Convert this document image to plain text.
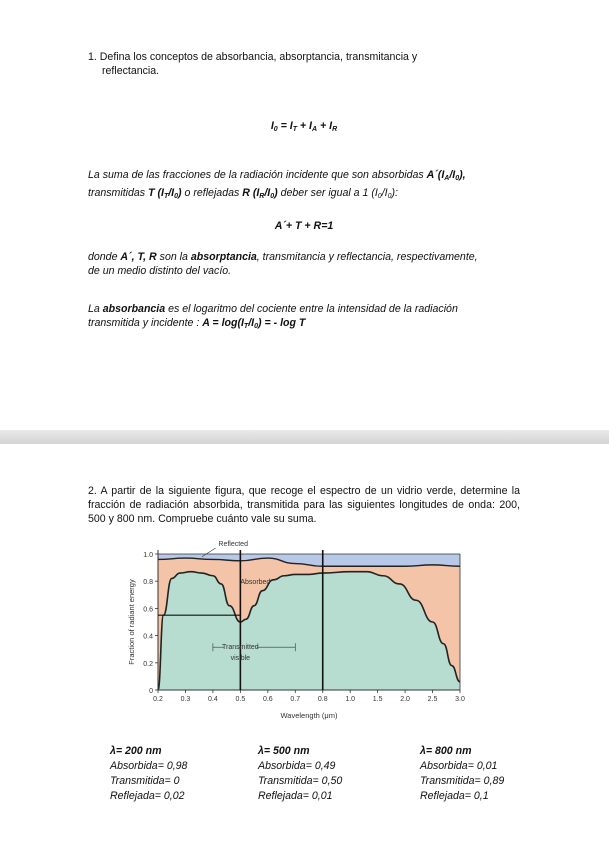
1. Defina los conceptos de absorbancia, absorptancia, transmitancia y
reflectancia.
$I_0 = I_T + I_A + I_R$
La suma de las fracciones de la radiación incidente que son absorbidas $A´(I_A/I_0)$,
transmitidas T $(I_T/I_0)$ o reflejadas R $(I_R/I_0)$ deber ser igual a 1 $(I_0/I_0)$:
A´+ T + R=1
donde A´, T, R son la absorptancia, transmitancia y reflectancia, respectivamente,
de un medio distinto del vacío.
La absorbancia es el logaritmo del cociente entre la intensidad de la radiación
transmitida y incidente : $A = \log(I_T/I_0)$ = - log T
2. A partir de la siguiente figura, que recoge el espectro de un vidrio verde, determine la fracción de radiación absorbida, transmitida para las siguientes longitudes de onda: 200, 500 y 800 nm. Compruebe cuánto vale su suma.
0
0.2
0.4
0.6
0.8
1.0
0.2	0.3	0.4	0.5	0.6	0.7	0.8	1.0	1.5	2.0	2.5	3.0
Wavelength (μm)
Fraction of radiant energy
Reflected
Absorbed
Transmitted
visible
λ= 200 nm
Absorbida= 0,98
Transmitida= 0
Reflejada= 0,02
λ= 500 nm
Absorbida= 0,49
Transmitida= 0,50
Reflejada= 0,01
λ= 800 nm
Absorbida= 0,01
Transmitida= 0,89
Reflejada= 0,1
